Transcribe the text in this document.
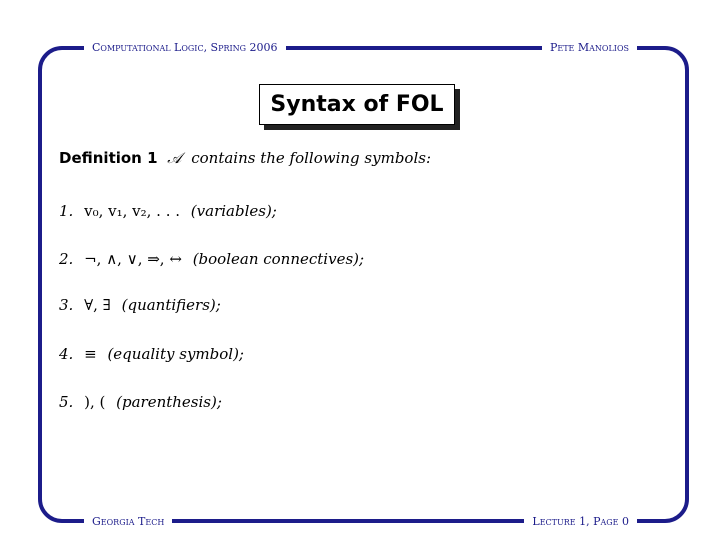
Computational Logic, Spring 2006	Pete Manolios
Georgia Tech	Lecture 1, Page 0
Syntax of FOL
Definition 1 𝒜 contains the following symbols:
1. v₀, v₁, v₂, . . . (variables);
2. ¬, ∧, ∨, ⇒, ↔ (boolean connectives);
3. ∀, ∃ (quantifiers);
4. ≡ (equality symbol);
5. ), ( (parenthesis);
